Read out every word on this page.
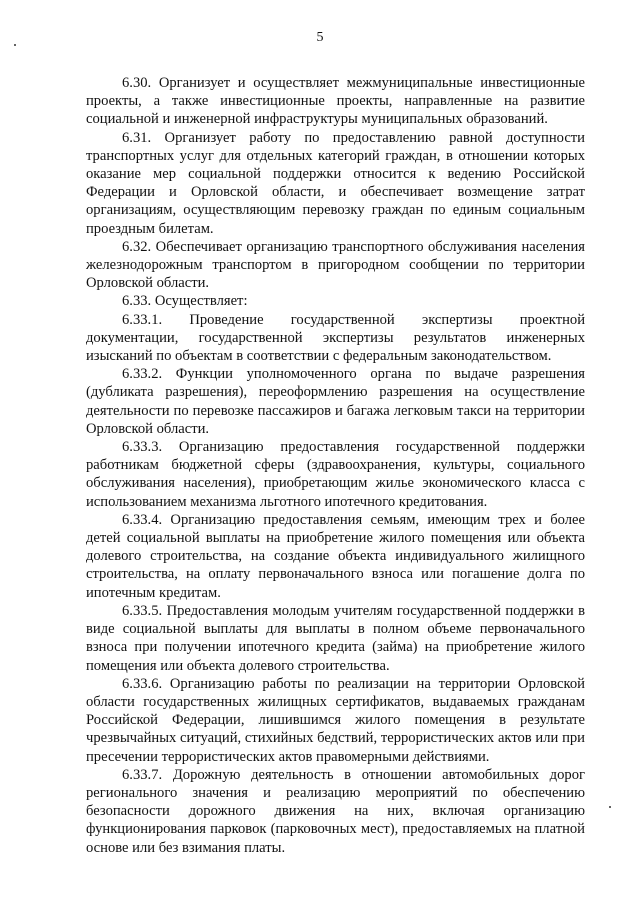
5

6.30. Организует и осуществляет межмуниципальные инвестиционные проекты, а также инвестиционные проекты, направленные на развитие социальной и инженерной инфраструктуры муниципальных образований.

6.31. Организует работу по предоставлению равной доступности транспортных услуг для отдельных категорий граждан, в отношении которых оказание мер социальной поддержки относится к ведению Российской Федерации и Орловской области, и обеспечивает возмещение затрат организациям, осуществляющим перевозку граждан по единым социальным проездным билетам.

6.32. Обеспечивает организацию транспортного обслуживания населения железнодорожным транспортом в пригородном сообщении по территории Орловской области.

6.33. Осуществляет:

6.33.1. Проведение государственной экспертизы проектной документации, государственной экспертизы результатов инженерных изысканий по объектам в соответствии с федеральным законодательством.

6.33.2. Функции уполномоченного органа по выдаче разрешения (дубликата разрешения), переоформлению разрешения на осуществление деятельности по перевозке пассажиров и багажа легковым такси на территории Орловской области.

6.33.3. Организацию предоставления государственной поддержки работникам бюджетной сферы (здравоохранения, культуры, социального обслуживания населения), приобретающим жилье экономического класса с использованием механизма льготного ипотечного кредитования.

6.33.4. Организацию предоставления семьям, имеющим трех и более детей социальной выплаты на приобретение жилого помещения или объекта долевого строительства, на создание объекта индивидуального жилищного строительства, на оплату первоначального взноса или погашение долга по ипотечным кредитам.

6.33.5. Предоставления молодым учителям государственной поддержки в виде социальной выплаты для выплаты в полном объеме первоначального взноса при получении ипотечного кредита (займа) на приобретение жилого помещения или объекта долевого строительства.

6.33.6. Организацию работы по реализации на территории Орловской области государственных жилищных сертификатов, выдаваемых гражданам Российской Федерации, лишившимся жилого помещения в результате чрезвычайных ситуаций, стихийных бедствий, террористических актов или при пресечении террористических актов правомерными действиями.

6.33.7. Дорожную деятельность в отношении автомобильных дорог регионального значения и реализацию мероприятий по обеспечению безопасности дорожного движения на них, включая организацию функционирования парковок (парковочных мест), предоставляемых на платной основе или без взимания платы.
